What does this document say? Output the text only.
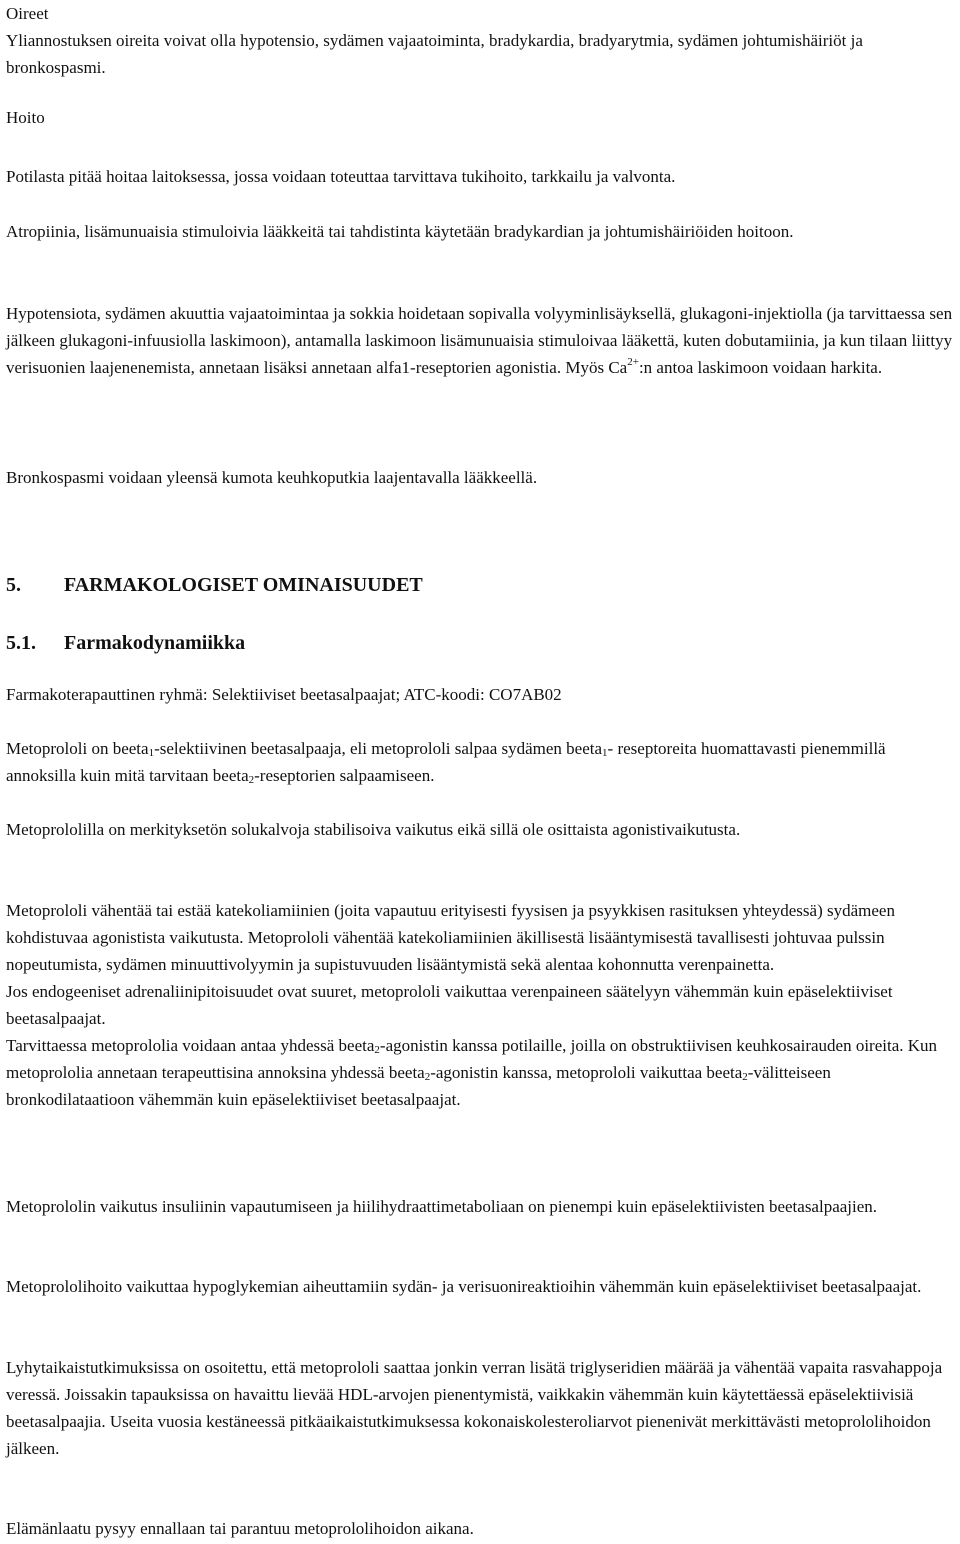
Oireet
Yliannostuksen oireita voivat olla hypotensio, sydämen vajaatoiminta, bradykardia, bradyarytmia, sydämen johtumishäiriöt ja bronkospasmi.
Hoito

Potilasta pitää hoitaa laitoksessa, jossa voidaan toteuttaa tarvittava tukihoito, tarkkailu ja valvonta.

Atropiinia, lisämunuaisia stimuloivia lääkkeitä tai tahdistinta käytetään bradykardian ja johtumishäiriöiden hoitoon.

Hypotensiota, sydämen akuuttia vajaatoimintaa ja sokkia hoidetaan sopivalla volyyminlisäyksellä, glukagoni-injektiolla (ja tarvittaessa sen jälkeen glukagoni-infuusiolla laskimoon), antamalla laskimoon lisämunuaisia stimuloivaa lääkettä, kuten dobutamiinia, ja kun tilaan liittyy verisuonien laajenenemista, annetaan lisäksi annetaan alfa1-reseptorien agonistia. Myös $Ca^{2+}:n$ antoa laskimoon voidaan harkita.

Bronkospasmi voidaan yleensä kumota keuhkoputkia laajentavalla lääkkeellä.

5. FARMAKOLOGISET OMINAISUUDET
5.1. Farmakodynamiikka

Farmakoterapauttinen ryhmä: Selektiiviset beetasalpaajat; ATC-koodi: CO7AB02

Metoprololi on beeta$_1$-selektiivinen beetasalpaaja, eli metoprololi salpaa sydämen beeta$_1$- reseptoreita huomattavasti pienemmillä annoksilla kuin mitä tarvitaan beeta$_2$-reseptorien salpaamiseen.

Metoprololilla on merkityksetön solukalvoja stabilisoiva vaikutus eikä sillä ole osittaista agonistivaikutusta.

Metoprololi vähentää tai estää katekoliamiinien (joita vapautuu erityisesti fyysisen ja psyykkisen rasituksen yhteydessä) sydämeen kohdistuvaa agonistista vaikutusta. Metoprololi vähentää katekoliamiinien äkillisestä lisääntymisestä tavallisesti johtuvaa pulssin nopeutumista, sydämen minuuttivolyymin ja supistuvuuden lisääntymistä sekä alentaa kohonnutta verenpainetta.
Jos endogeeniset adrenaliinipitoisuudet ovat suuret, metoprololi vaikuttaa verenpaineen säätelyyn vähemmän kuin epäselektiiviset beetasalpaajat.
Tarvittaessa metoprololia voidaan antaa yhdessä beeta$_2$-agonistin kanssa potilaille, joilla on obstruktiivisen keuhkosairauden oireita. Kun metoprololia annetaan terapeuttisina annoksina yhdessä beeta$_2$-agonistin kanssa, metoprololi vaikuttaa beeta$_2$-välitteiseen bronkodilataatioon vähemmän kuin epäselektiiviset beetasalpaajat.

Metoprololin vaikutus insuliinin vapautumiseen ja hiilihydraattimetaboliaan on pienempi kuin epäselektiivisten beetasalpaajien.

Metoprololihoito vaikuttaa hypoglykemian aiheuttamiin sydän- ja verisuonireaktioihin vähemmän kuin epäselektiiviset beetasalpaajat.

Lyhytaikaistutkimuksissa on osoitettu, että metoprololi saattaa jonkin verran lisätä triglyseridien määrää ja vähentää vapaita rasvahappoja veressä. Joissakin tapauksissa on havaittu lievää HDL-arvojen pienentymistä, vaikkakin vähemmän kuin käytettäessä epäselektiivisiä beetasalpaajia. Useita vuosia kestäneessä pitkäaikaistutkimuksessa kokonaiskolesteroliarvot pienenivät merkittävästi metoprololihoidon jälkeen.

Elämänlaatu pysyy ennallaan tai parantuu metoprololihoidon aikana.
